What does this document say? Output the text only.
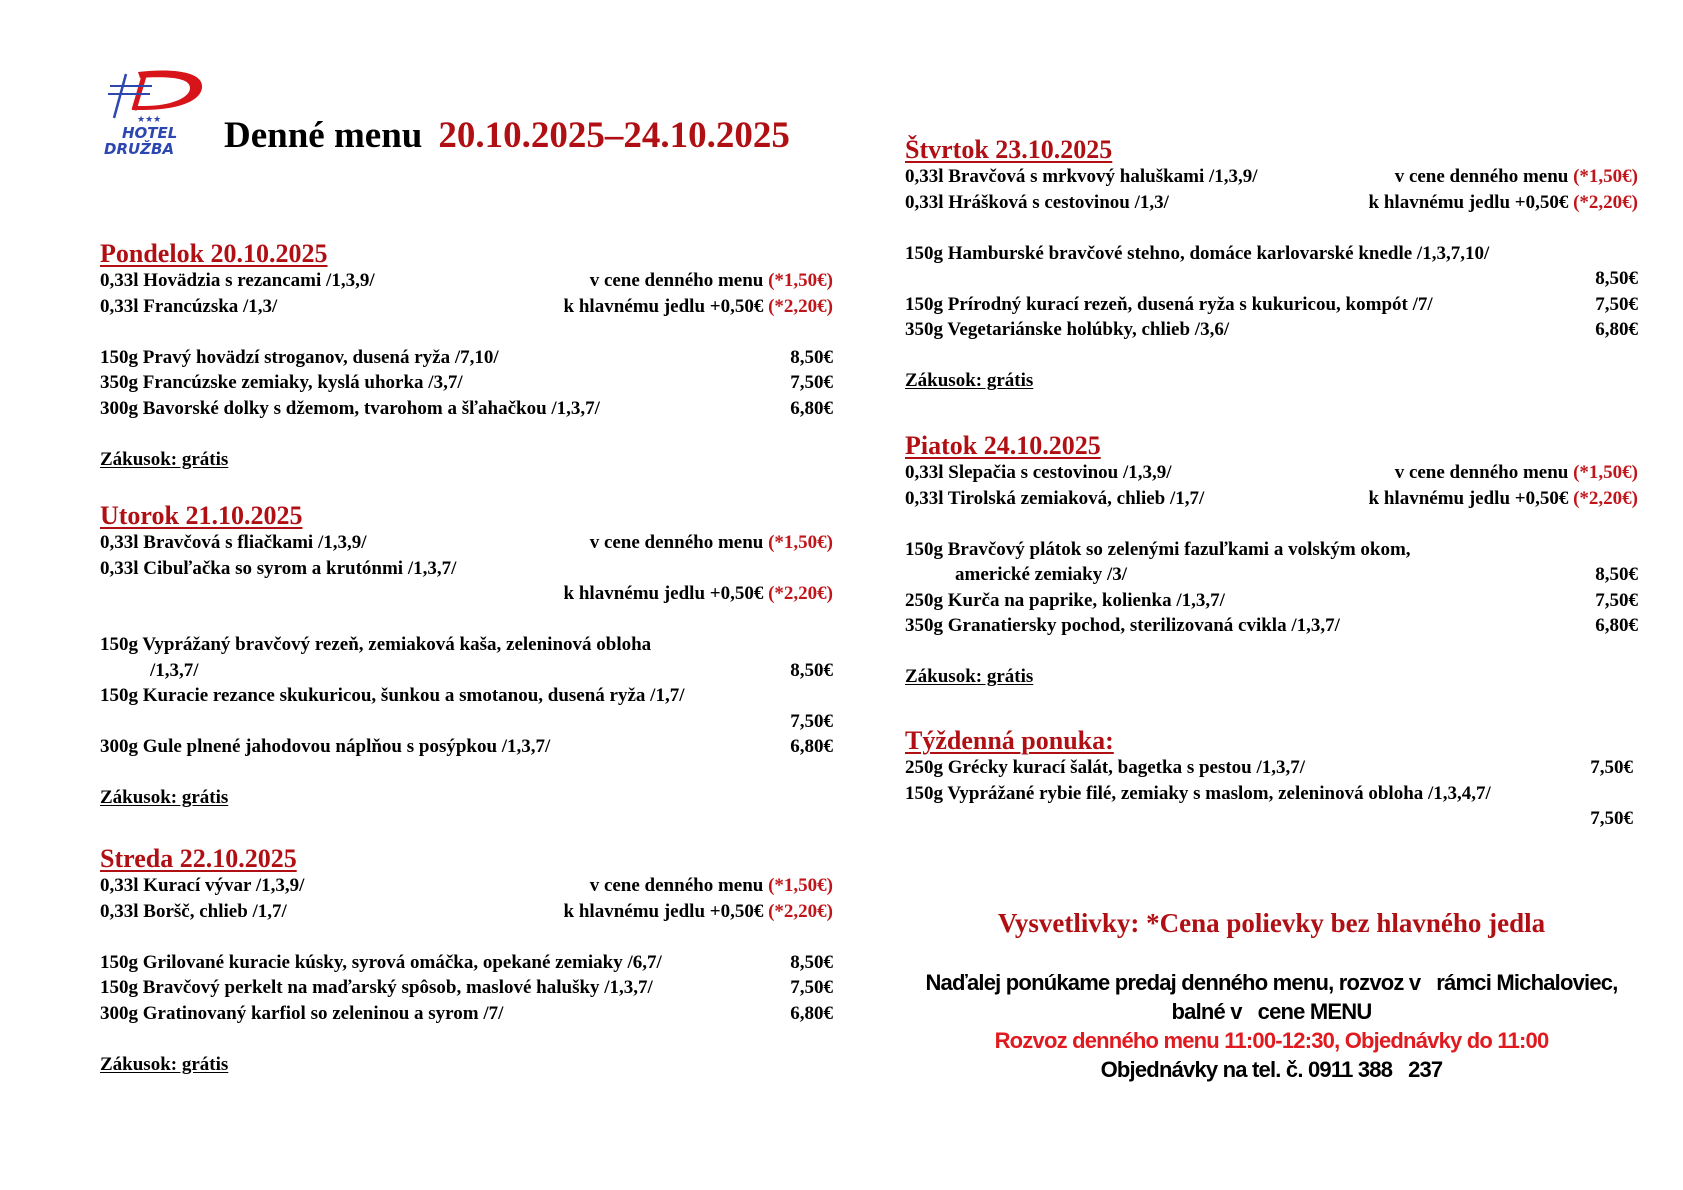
★★★
HOTEL
DRUŽBA Denné menu 20.10.2025–24.10.2025
Pondelok 20.10.2025
0,33l Hovädzia s rezancami /1,3,9/	v cene denného menu (*1,50€)
0,33l Francúzska /1,3/	k hlavnému jedlu +0,50€ (*2,20€)
150g Pravý hovädzí stroganov, dusená ryža /7,10/	8,50€
350g Francúzske zemiaky, kyslá uhorka /3,7/	7,50€
300g Bavorské dolky s džemom, tvarohom a šľahačkou /1,3,7/	6,80€
Zákusok: grátis
Utorok 21.10.2025
0,33l Bravčová s fliačkami /1,3,9/	v cene denného menu (*1,50€)
0,33l Cibuľačka so syrom a krutónmi /1,3,7/
k hlavnému jedlu +0,50€ (*2,20€)
150g Vyprážaný bravčový rezeň, zemiaková kaša, zeleninová obloha
/1,3,7/	8,50€
150g Kuracie rezance skukuricou, šunkou a smotanou, dusená ryža /1,7/
7,50€
300g Gule plnené jahodovou náplňou s posýpkou /1,3,7/	6,80€
Zákusok: grátis
Streda 22.10.2025
0,33l Kurací vývar /1,3,9/	v cene denného menu (*1,50€)
0,33l Boršč, chlieb /1,7/	k hlavnému jedlu +0,50€ (*2,20€)
150g Grilované kuracie kúsky, syrová omáčka, opekané zemiaky /6,7/	8,50€
150g Bravčový perkelt na maďarský spôsob, maslové halušky /1,3,7/	7,50€
300g Gratinovaný karfiol so zeleninou a syrom /7/	6,80€
Zákusok: grátis
Štvrtok 23.10.2025
0,33l Bravčová s mrkvový haluškami /1,3,9/	v cene denného menu (*1,50€)
0,33l Hrášková s cestovinou /1,3/	k hlavnému jedlu +0,50€ (*2,20€)
150g Hamburské bravčové stehno, domáce karlovarské knedle /1,3,7,10/
8,50€
150g Prírodný kurací rezeň, dusená ryža s kukuricou, kompót /7/	7,50€
350g Vegetariánske holúbky, chlieb /3,6/	6,80€
Zákusok: grátis
Piatok 24.10.2025
0,33l Slepačia s cestovinou /1,3,9/	v cene denného menu (*1,50€)
0,33l Tirolská zemiaková, chlieb /1,7/	k hlavnému jedlu +0,50€ (*2,20€)
150g Bravčový plátok so zelenými fazuľkami a volským okom,
americké zemiaky /3/	8,50€
250g Kurča na paprike, kolienka /1,3,7/	7,50€
350g Granatiersky pochod, sterilizovaná cvikla /1,3,7/	6,80€
Zákusok: grátis
Týždenná ponuka:
250g Grécky kurací šalát, bagetka s pestou /1,3,7/	7,50€
150g Vyprážané rybie filé, zemiaky s maslom, zeleninová obloha /1,3,4,7/
7,50€
Vysvetlivky: *Cena polievky bez hlavného jedla
Naďalej ponúkame predaj denného menu, rozvoz v   rámci Michaloviec,
balné v   cene MENU
Rozvoz denného menu 11:00-12:30, Objednávky do 11:00
Objednávky na tel. č. 0911 388   237
